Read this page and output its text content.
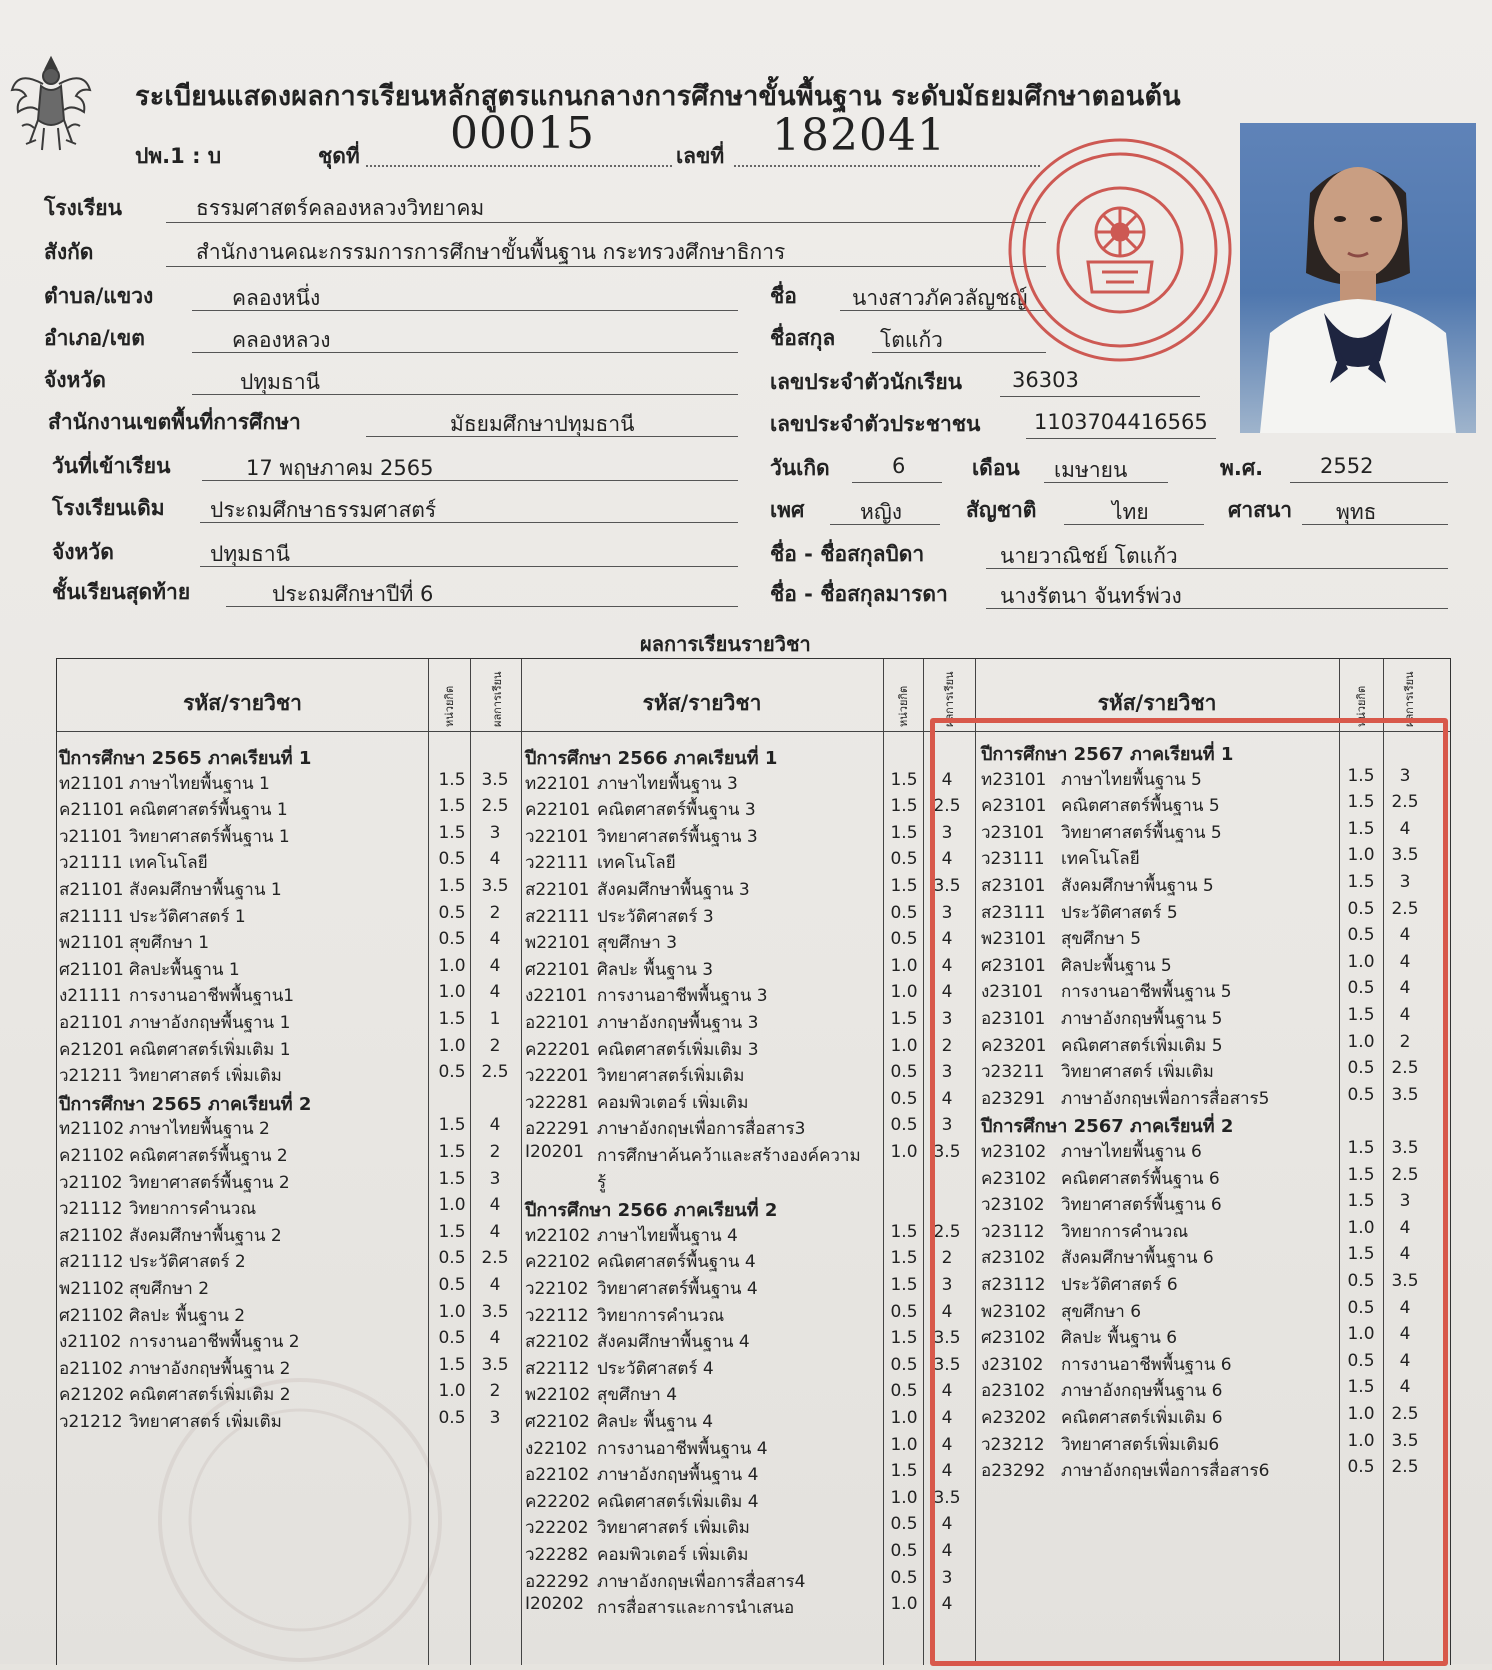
ระเบียนแสดงผลการเรียนหลักสูตรแกนกลางการศึกษาขั้นพื้นฐาน ระดับมัธยมศึกษาตอนต้น
ปพ.1 : บ	ชุดที่ 00015	เลขที่ 182041
โรงเรียน	ธรรมศาสตร์คลองหลวงวิทยาคม
สังกัด	สำนักงานคณะกรรมการการศึกษาขั้นพื้นฐาน กระทรวงศึกษาธิการ
ตำบล/แขวง	คลองหนึ่ง
อำเภอ/เขต	คลองหลวง
จังหวัด	ปทุมธานี
สำนักงานเขตพื้นที่การศึกษา	มัธยมศึกษาปทุมธานี
วันที่เข้าเรียน	17 พฤษภาคม 2565
โรงเรียนเดิม ประถมศึกษาธรรมศาสตร์
จังหวัด	ปทุมธานี
ชั้นเรียนสุดท้าย	ประถมศึกษาปีที่ 6
ชื่อ	นางสาวภัควลัญชญ์
ชื่อสกุล โตแก้ว
เลขประจำตัวนักเรียน 36303
เลขประจำตัวประชาชน	1103704416565
วันเกิด	6	เดือน เมษายน	พ.ศ.	2552
เพศ	หญิง	สัญชาติ	ไทย	ศาสนา พุทธ
ชื่อ - ชื่อสกุลบิดา	นายวาณิชย์ โตแก้ว
ชื่อ - ชื่อสกุลมารดา นางรัตนา จันทร์พ่วง
ผลการเรียนรายวิชา
รหัส/รายวิชา	รหัส/รายวิชา	รหัส/รายวิชา
หน่วยกิต	ผลการเรียน	หน่วยกิต	ผลการเรียน	หน่วยกิต	ผลการเรียน
ปีการศึกษา 2565 ภาคเรียนที่ 1
ท21101 ภาษาไทยพื้นฐาน 1	1.5 3.5
ค21101 คณิตศาสตร์พื้นฐาน 1	1.5 2.5
ว21101 วิทยาศาสตร์พื้นฐาน 1	1.5	3
ว21111 เทคโนโลยี	0.5	4
ส21101 สังคมศึกษาพื้นฐาน 1	1.5 3.5
ส21111 ประวัติศาสตร์ 1	0.5	2
พ21101 สุขศึกษา 1	0.5	4
ศ21101 ศิลปะพื้นฐาน 1	1.0	4
ง21111 การงานอาชีพพื้นฐาน1	1.0	4
อ21101 ภาษาอังกฤษพื้นฐาน 1	1.5	1
ค21201 คณิตศาสตร์เพิ่มเติม 1	1.0	2
ว21211 วิทยาศาสตร์ เพิ่มเติม	0.5 2.5
ปีการศึกษา 2565 ภาคเรียนที่ 2
ท21102 ภาษาไทยพื้นฐาน 2	1.5	4
ค21102 คณิตศาสตร์พื้นฐาน 2	1.5	2
ว21102 วิทยาศาสตร์พื้นฐาน 2	1.5	3
ว21112 วิทยาการคำนวณ	1.0	4
ส21102 สังคมศึกษาพื้นฐาน 2	1.5	4
ส21112 ประวัติศาสตร์ 2	0.5 2.5
พ21102 สุขศึกษา 2	0.5	4
ศ21102 ศิลปะ พื้นฐาน 2	1.0 3.5
ง21102 การงานอาชีพพื้นฐาน 2	0.5	4
อ21102 ภาษาอังกฤษพื้นฐาน 2	1.5 3.5
ค21202 คณิตศาสตร์เพิ่มเติม 2	1.0	2
ว21212 วิทยาศาสตร์ เพิ่มเติม	0.5	3
ปีการศึกษา 2566 ภาคเรียนที่ 1
ท22101 ภาษาไทยพื้นฐาน 3	1.5	4
ค22101 คณิตศาสตร์พื้นฐาน 3	1.5 2.5
ว22101 วิทยาศาสตร์พื้นฐาน 3	1.5	3
ว22111 เทคโนโลยี	0.5	4
ส22101 สังคมศึกษาพื้นฐาน 3	1.5 3.5
ส22111 ประวัติศาสตร์ 3	0.5	3
พ22101 สุขศึกษา 3	0.5	4
ศ22101 ศิลปะ พื้นฐาน 3	1.0	4
ง22101 การงานอาชีพพื้นฐาน 3	1.0	4
อ22101 ภาษาอังกฤษพื้นฐาน 3	1.5	3
ค22201 คณิตศาสตร์เพิ่มเติม 3	1.0	2
ว22201 วิทยาศาสตร์เพิ่มเติม	0.5	3
ว22281 คอมพิวเตอร์ เพิ่มเติม	0.5	4
อ22291 ภาษาอังกฤษเพื่อการสื่อสาร3	0.5	3
I20201 การศึกษาค้นคว้าและสร้างองค์ความ	1.0 3.5
รู้
ปีการศึกษา 2566 ภาคเรียนที่ 2
ท22102 ภาษาไทยพื้นฐาน 4	1.5 2.5
ค22102 คณิตศาสตร์พื้นฐาน 4	1.5	2
ว22102 วิทยาศาสตร์พื้นฐาน 4	1.5	3
ว22112 วิทยาการคำนวณ	0.5	4
ส22102 สังคมศึกษาพื้นฐาน 4	1.5 3.5
ส22112 ประวัติศาสตร์ 4	0.5 3.5
พ22102 สุขศึกษา 4	0.5	4
ศ22102 ศิลปะ พื้นฐาน 4	1.0	4
ง22102 การงานอาชีพพื้นฐาน 4	1.0	4
อ22102 ภาษาอังกฤษพื้นฐาน 4	1.5	4
ค22202 คณิตศาสตร์เพิ่มเติม 4	1.0 3.5
ว22202 วิทยาศาสตร์ เพิ่มเติม	0.5	4
ว22282 คอมพิวเตอร์ เพิ่มเติม	0.5	4
อ22292 ภาษาอังกฤษเพื่อการสื่อสาร4	0.5	3
I20202 การสื่อสารและการนำเสนอ	1.0	4
ปีการศึกษา 2567 ภาคเรียนที่ 1
ท23101 ภาษาไทยพื้นฐาน 5	1.5	3
ค23101 คณิตศาสตร์พื้นฐาน 5	1.5 2.5
ว23101 วิทยาศาสตร์พื้นฐาน 5	1.5	4
ว23111 เทคโนโลยี	1.0 3.5
ส23101 สังคมศึกษาพื้นฐาน 5	1.5	3
ส23111 ประวัติศาสตร์ 5	0.5 2.5
พ23101 สุขศึกษา 5	0.5	4
ศ23101 ศิลปะพื้นฐาน 5	1.0	4
ง23101 การงานอาชีพพื้นฐาน 5	0.5	4
อ23101 ภาษาอังกฤษพื้นฐาน 5	1.5	4
ค23201 คณิตศาสตร์เพิ่มเติม 5	1.0	2
ว23211 วิทยาศาสตร์ เพิ่มเติม	0.5 2.5
อ23291 ภาษาอังกฤษเพื่อการสื่อสาร5	0.5 3.5
ปีการศึกษา 2567 ภาคเรียนที่ 2
ท23102 ภาษาไทยพื้นฐาน 6	1.5 3.5
ค23102 คณิตศาสตร์พื้นฐาน 6	1.5 2.5
ว23102 วิทยาศาสตร์พื้นฐาน 6	1.5	3
ว23112 วิทยาการคำนวณ	1.0	4
ส23102 สังคมศึกษาพื้นฐาน 6	1.5	4
ส23112 ประวัติศาสตร์ 6	0.5 3.5
พ23102 สุขศึกษา 6	0.5	4
ศ23102 ศิลปะ พื้นฐาน 6	1.0	4
ง23102 การงานอาชีพพื้นฐาน 6	0.5	4
อ23102 ภาษาอังกฤษพื้นฐาน 6	1.5	4
ค23202 คณิตศาสตร์เพิ่มเติม 6	1.0 2.5
ว23212 วิทยาศาสตร์เพิ่มเติม6	1.0 3.5
อ23292 ภาษาอังกฤษเพื่อการสื่อสาร6	0.5 2.5
